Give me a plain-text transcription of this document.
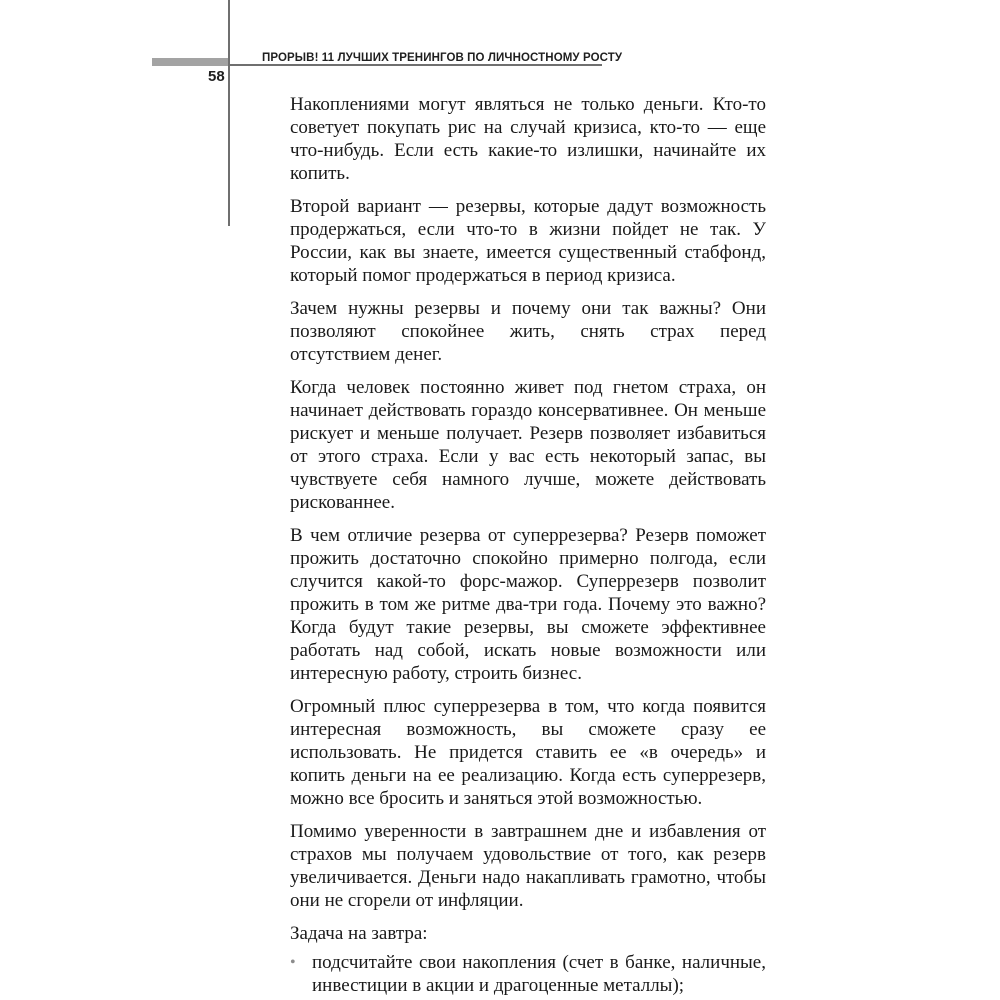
ПРОРЫВ! 11 ЛУЧШИХ ТРЕНИНГОВ ПО ЛИЧНОСТНОМУ РОСТУ

58

Накоплениями могут являться не только деньги. Кто-то советует покупать рис на случай кризиса, кто-то — еще что-нибудь. Если есть какие-то излишки, начинайте их копить.

Второй вариант — резервы, которые дадут возможность продержаться, если что-то в жизни пойдет не так. У России, как вы знаете, имеется существенный стабфонд, который помог продержаться в период кризиса.

Зачем нужны резервы и почему они так важны? Они позволяют спокойнее жить, снять страх перед отсутствием денег.

Когда человек постоянно живет под гнетом страха, он начинает действовать гораздо консервативнее. Он меньше рискует и меньше получает. Резерв позволяет избавиться от этого страха. Если у вас есть некоторый запас, вы чувствуете себя намного лучше, можете действовать рискованнее.

В чем отличие резерва от суперрезерва? Резерв поможет прожить достаточно спокойно примерно полгода, если случится какой-то форс-мажор. Суперрезерв позволит прожить в том же ритме два-три года. Почему это важно? Когда будут такие резервы, вы сможете эффективнее работать над собой, искать новые возможности или интересную работу, строить бизнес.

Огромный плюс суперрезерва в том, что когда появится интересная возможность, вы сможете сразу ее использовать. Не придется ставить ее «в очередь» и копить деньги на ее реализацию. Когда есть суперрезерв, можно все бросить и заняться этой возможностью.

Помимо уверенности в завтрашнем дне и избавления от страхов мы получаем удовольствие от того, как резерв увеличивается. Деньги надо накапливать грамотно, чтобы они не сгорели от инфляции.

Задача на завтра:

• подсчитайте свои накопления (счет в банке, наличные, инвестиции в акции и драгоценные металлы);
